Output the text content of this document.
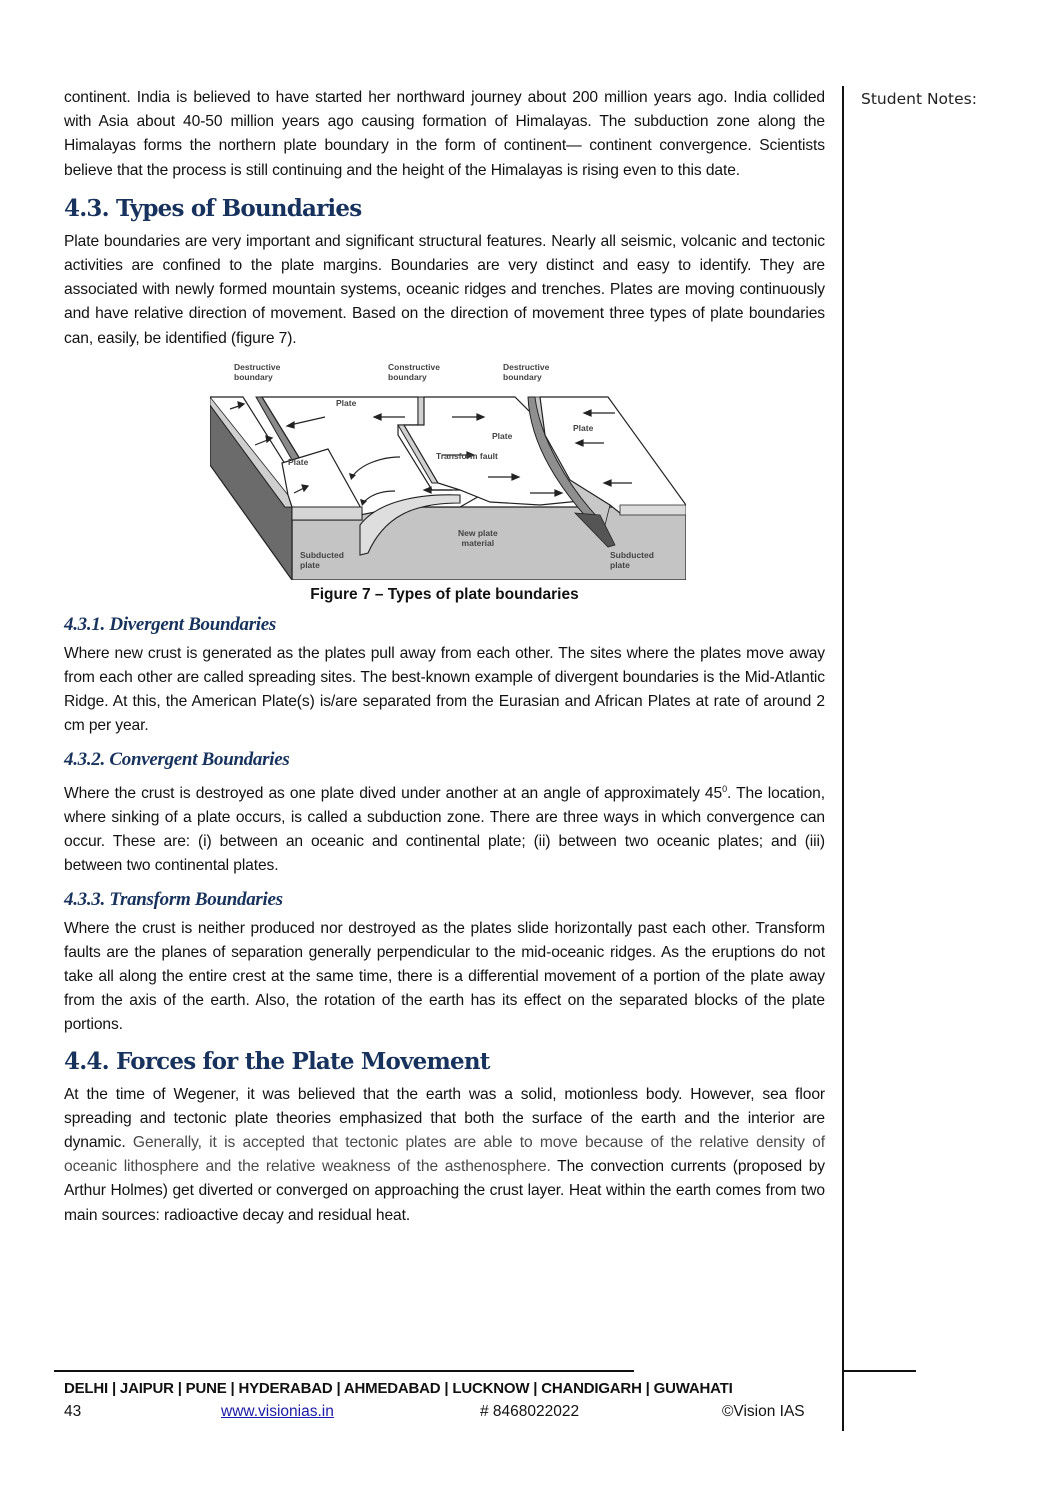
Student Notes:

continent. India is believed to have started her northward journey about 200 million years ago. India collided with Asia about 40-50 million years ago causing formation of Himalayas. The subduction zone along the Himalayas forms the northern plate boundary in the form of continent— continent convergence. Scientists believe that the process is still continuing and the height of the Himalayas is rising even to this date.

4.3. Types of Boundaries

Plate boundaries are very important and significant structural features. Nearly all seismic, volcanic and tectonic activities are confined to the plate margins. Boundaries are very distinct and easy to identify. They are associated with newly formed mountain systems, oceanic ridges and trenches. Plates are moving continuously and have relative direction of movement. Based on the direction of movement three types of plate boundaries can, easily, be identified (figure 7).

Destructive
boundary
Constructive
boundary
Destructive
boundary
Plate
Plate
Plate
Plate
Transform fault
New plate
material
Subducted
plate
Subducted
plate

Figure 7 – Types of plate boundaries

4.3.1. Divergent Boundaries

Where new crust is generated as the plates pull away from each other. The sites where the plates move away from each other are called spreading sites. The best-known example of divergent boundaries is the Mid-Atlantic Ridge. At this, the American Plate(s) is/are separated from the Eurasian and African Plates at rate of around 2 cm per year.

4.3.2. Convergent Boundaries

Where the crust is destroyed as one plate dived under another at an angle of approximately $45^0$. The location, where sinking of a plate occurs, is called a subduction zone. There are three ways in which convergence can occur. These are: (i) between an oceanic and continental plate; (ii) between two oceanic plates; and (iii) between two continental plates.

4.3.3. Transform Boundaries

Where the crust is neither produced nor destroyed as the plates slide horizontally past each other. Transform faults are the planes of separation generally perpendicular to the mid-oceanic ridges. As the eruptions do not take all along the entire crest at the same time, there is a differential movement of a portion of the plate away from the axis of the earth. Also, the rotation of the earth has its effect on the separated blocks of the plate portions.

4.4. Forces for the Plate Movement

At the time of Wegener, it was believed that the earth was a solid, motionless body. However, sea floor spreading and tectonic plate theories emphasized that both the surface of the earth and the interior are dynamic. Generally, it is accepted that tectonic plates are able to move because of the relative density of oceanic lithosphere and the relative weakness of the asthenosphere. The convection currents (proposed by Arthur Holmes) get diverted or converged on approaching the crust layer. Heat within the earth comes from two main sources: radioactive decay and residual heat.

DELHI | JAIPUR | PUNE | HYDERABAD | AHMEDABAD | LUCKNOW | CHANDIGARH | GUWAHATI
43	www.visionias.in	# 8468022022	©Vision IAS
